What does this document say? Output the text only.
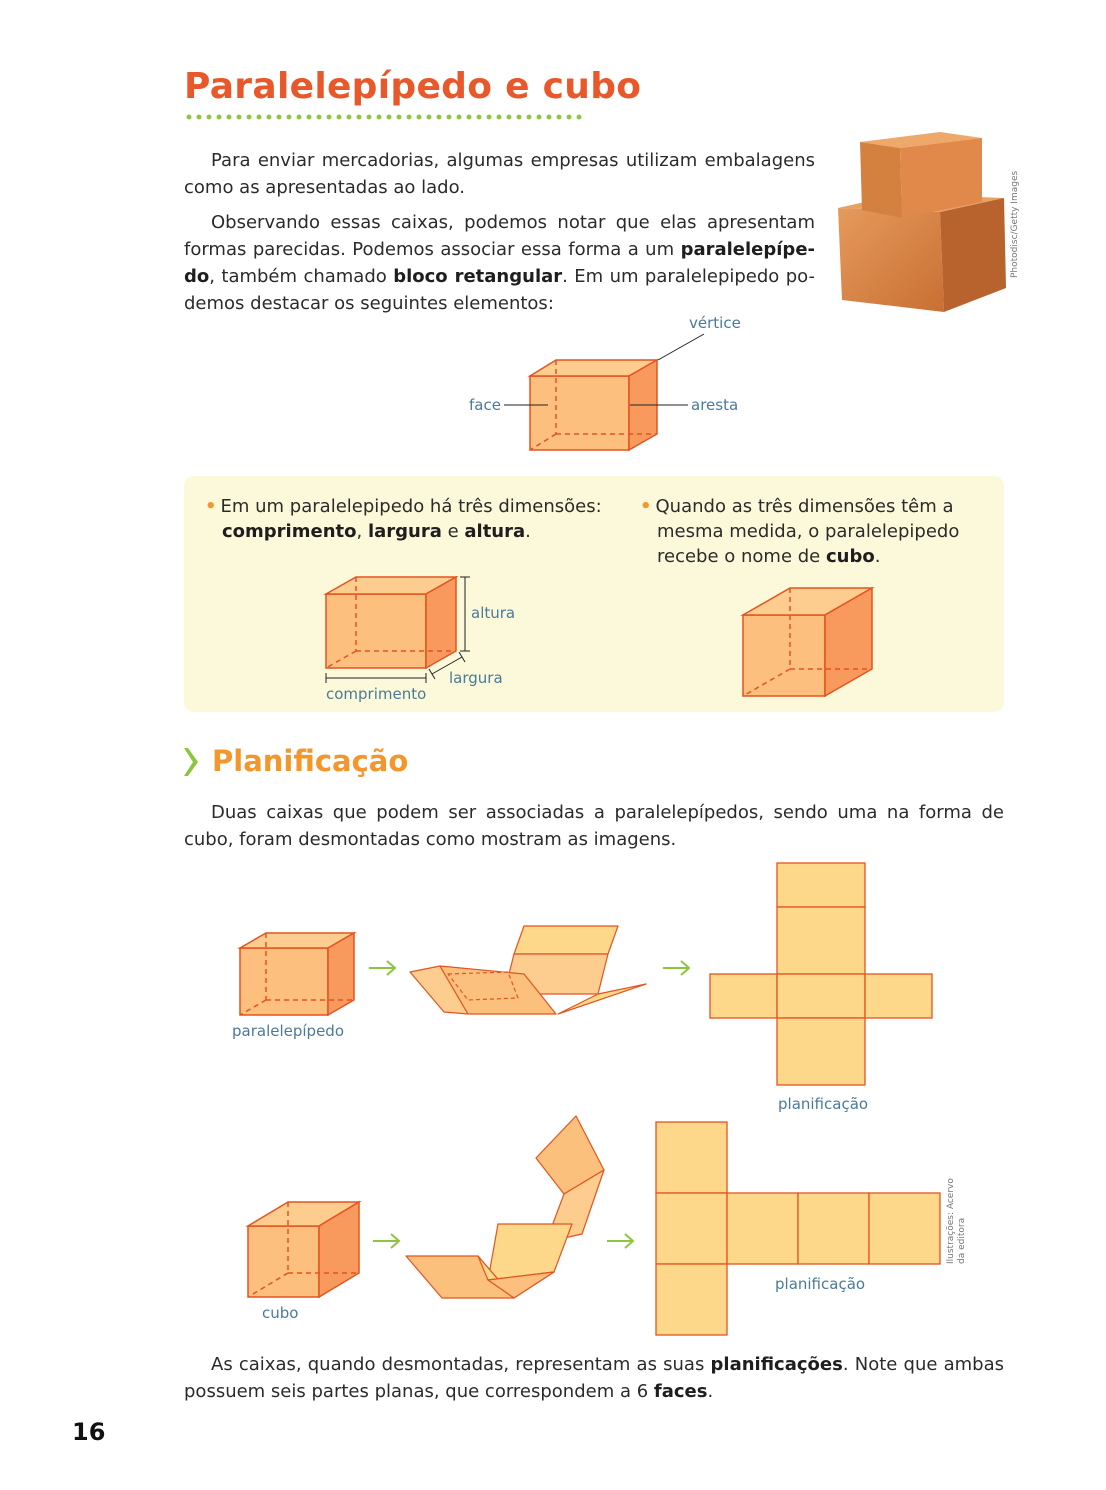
Paralelepípedo e cubo

Para enviar mercadorias, algumas empresas utilizam embalagens como as apresentadas ao lado.

Observando essas caixas, podemos notar que elas apresentam formas parecidas. Podemos associar essa forma a um paralelepípe-do, também chamado bloco retangular. Em um paralelepipedo po-demos destacar os seguintes elementos:

Photodisc/Getty Images
vértice
face	aresta

• Em um paralelepipedo há três dimensões:
comprimento, largura e altura.

• Quando as três dimensões têm a mesma medida, o paralelepipedo recebe o nome de cubo.

altura
largura
comprimento
Planificação

Duas caixas que podem ser associadas a paralelepípedos, sendo uma na forma de cubo, foram desmontadas como mostram as imagens.

paralelepípedo
planificação
cubo
planificação
Ilustrações: Acervo da editora

As caixas, quando desmontadas, representam as suas planificações. Note que ambas possuem seis partes planas, que correspondem a 6 faces.

16
